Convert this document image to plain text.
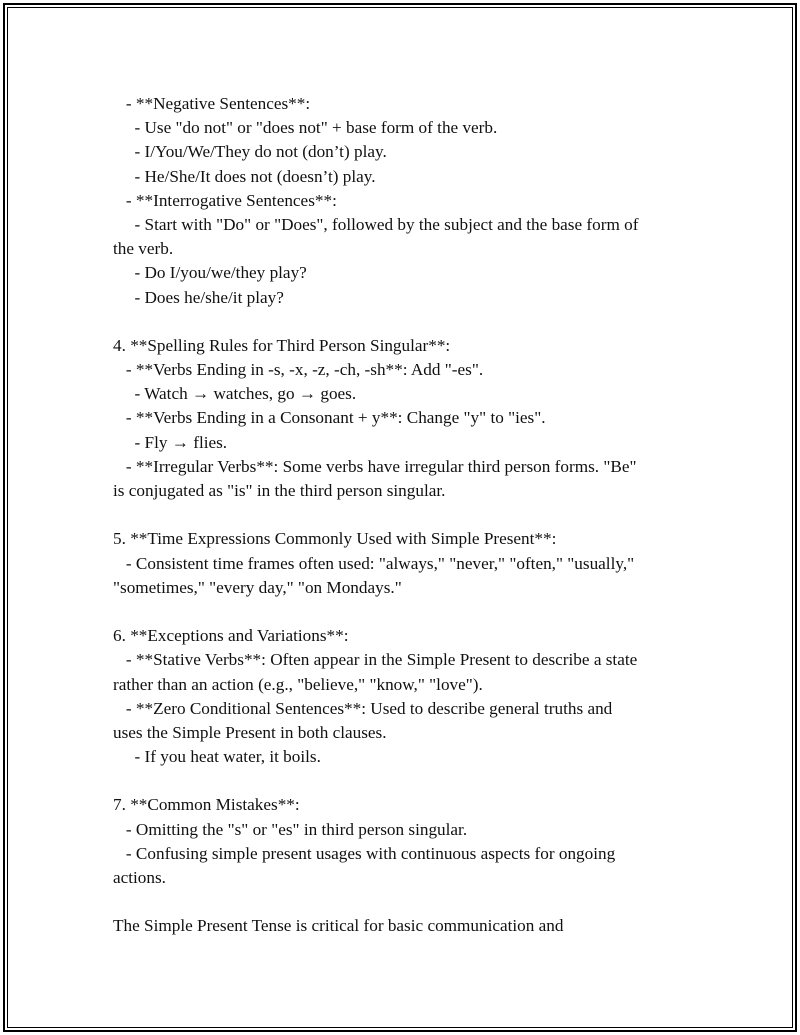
- **Negative Sentences**:
- Use "do not" or "does not" + base form of the verb.
- I/You/We/They do not (don’t) play.
- He/She/It does not (doesn’t) play.
- **Interrogative Sentences**:
- Start with "Do" or "Does", followed by the subject and the base form of
the verb.
- Do I/you/we/they play?
- Does he/she/it play?
4. **Spelling Rules for Third Person Singular**:
- **Verbs Ending in -s, -x, -z, -ch, -sh**: Add "-es".
- Watch → watches, go → goes.
- **Verbs Ending in a Consonant + y**: Change "y" to "ies".
- Fly → flies.
- **Irregular Verbs**: Some verbs have irregular third person forms. "Be"
is conjugated as "is" in the third person singular.
5. **Time Expressions Commonly Used with Simple Present**:
- Consistent time frames often used: "always," "never," "often," "usually,"
"sometimes," "every day," "on Mondays."
6. **Exceptions and Variations**:
- **Stative Verbs**: Often appear in the Simple Present to describe a state
rather than an action (e.g., "believe," "know," "love").
- **Zero Conditional Sentences**: Used to describe general truths and
uses the Simple Present in both clauses.
- If you heat water, it boils.
7. **Common Mistakes**:
- Omitting the "s" or "es" in third person singular.
- Confusing simple present usages with continuous aspects for ongoing
actions.
The Simple Present Tense is critical for basic communication and
